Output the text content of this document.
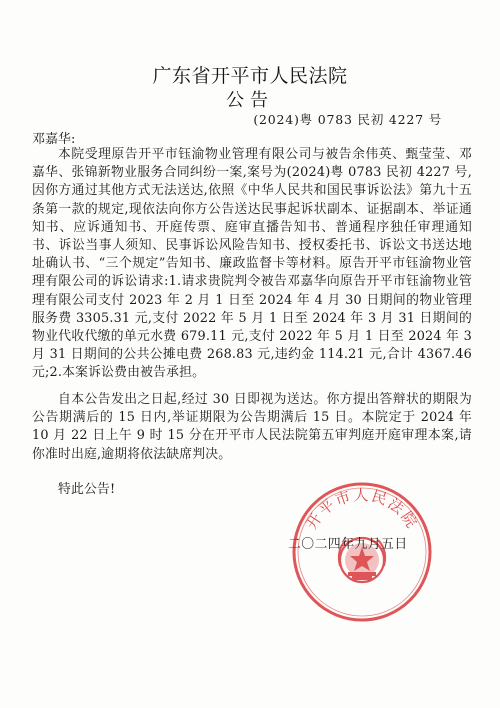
广东省开平市人民法院
公告
(2024)粤 0783 民初 4227 号
邓嘉华:

本院受理原告开平市钰渝物业管理有限公司与被告余伟英、甄莹莹、邓嘉华、张锦新物业服务合同纠纷一案,案号为(2024)粤 0783 民初 4227 号,因你方通过其他方式无法送达,依照《中华人民共和国民事诉讼法》第九十五条第一款的规定,现依法向你方公告送达民事起诉状副本、证据副本、举证通知书、应诉通知书、开庭传票、庭审直播告知书、普通程序独任审理通知书、诉讼当事人须知、民事诉讼风险告知书、授权委托书、诉讼文书送达地址确认书、“三个规定”告知书、廉政监督卡等材料。原告开平市钰渝物业管理有限公司的诉讼请求:1.请求贵院判令被告邓嘉华向原告开平市钰渝物业管理有限公司支付 2023 年 2 月 1 日至 2024 年 4 月 30 日期间的物业管理服务费 3305.31 元,支付 2022 年 5 月 1 日至 2024 年 3 月 31 日期间的物业代收代缴的单元水费 679.11 元,支付 2022 年 5 月 1 日至 2024 年 3 月 31 日期间的公共公摊电费 268.83 元,违约金 114.21 元,合计 4367.46 元;2.本案诉讼费由被告承担。

自本公告发出之日起,经过 30 日即视为送达。你方提出答辩状的期限为公告期满后的 15 日内,举证期限为公告期满后 15 日。本院定于 2024 年 10 月 22 日上午 9 时 15 分在开平市人民法院第五审判庭开庭审理本案,请你准时出庭,逾期将依法缺席判决。

特此公告!

开平市人民法院
二〇二四年九月五日
